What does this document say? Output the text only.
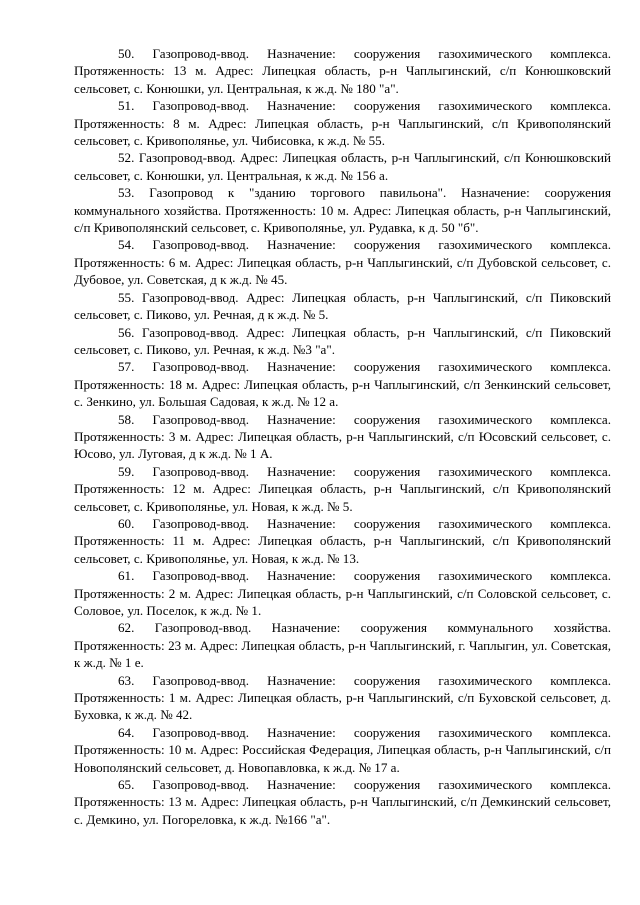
50. Газопровод-ввод. Назначение: сооружения газохимического комплекса. Протяженность: 13 м. Адрес: Липецкая область, р-н Чаплыгинский, с/п Конюшковский сельсовет, с. Конюшки, ул. Центральная, к ж.д. № 180 "а".

51. Газопровод-ввод. Назначение: сооружения газохимического комплекса. Протяженность: 8 м. Адрес: Липецкая область, р-н Чаплыгинский, с/п Кривополянский сельсовет, с. Кривополянье, ул. Чибисовка, к ж.д. № 55.

52. Газопровод-ввод. Адрес: Липецкая область, р-н Чаплыгинский, с/п Конюшковский сельсовет, с. Конюшки, ул. Центральная, к ж.д. № 156 а.

53. Газопровод к "зданию торгового павильона". Назначение: сооружения коммунального хозяйства. Протяженность: 10 м. Адрес: Липецкая область, р-н Чаплыгинский, с/п Кривополянский сельсовет, с. Кривополянье, ул. Рудавка, к д. 50 "б".

54. Газопровод-ввод. Назначение: сооружения газохимического комплекса. Протяженность: 6 м. Адрес: Липецкая область, р-н Чаплыгинский, с/п Дубовской сельсовет, с. Дубовое, ул. Советская, д к ж.д. № 45.

55. Газопровод-ввод. Адрес: Липецкая область, р-н Чаплыгинский, с/п Пиковский сельсовет, с. Пиково, ул. Речная, д к ж.д. № 5.

56. Газопровод-ввод. Адрес: Липецкая область, р-н Чаплыгинский, с/п Пиковский сельсовет, с. Пиково, ул. Речная, к ж.д. №3 "а".

57. Газопровод-ввод. Назначение: сооружения газохимического комплекса. Протяженность: 18 м. Адрес: Липецкая область, р-н Чаплыгинский, с/п Зенкинский сельсовет, с. Зенкино, ул. Большая Садовая, к ж.д. № 12 а.

58. Газопровод-ввод. Назначение: сооружения газохимического комплекса. Протяженность: 3 м. Адрес: Липецкая область, р-н Чаплыгинский, с/п Юсовский сельсовет, с. Юсово, ул. Луговая, д к ж.д. № 1 А.

59. Газопровод-ввод. Назначение: сооружения газохимического комплекса. Протяженность: 12 м. Адрес: Липецкая область, р-н Чаплыгинский, с/п Кривополянский сельсовет, с. Кривополянье, ул. Новая, к ж.д. № 5.

60. Газопровод-ввод. Назначение: сооружения газохимического комплекса. Протяженность: 11 м. Адрес: Липецкая область, р-н Чаплыгинский, с/п Кривополянский сельсовет, с. Кривополянье, ул. Новая, к ж.д. № 13.

61. Газопровод-ввод. Назначение: сооружения газохимического комплекса. Протяженность: 2 м. Адрес: Липецкая область, р-н Чаплыгинский, с/п Соловской сельсовет, с. Соловое, ул. Поселок, к ж.д. № 1.

62. Газопровод-ввод. Назначение: сооружения коммунального хозяйства. Протяженность: 23 м. Адрес: Липецкая область, р-н Чаплыгинский, г. Чаплыгин, ул. Советская, к ж.д. № 1 е.

63. Газопровод-ввод. Назначение: сооружения газохимического комплекса. Протяженность: 1 м. Адрес: Липецкая область, р-н Чаплыгинский, с/п Буховской сельсовет, д. Буховка, к ж.д. № 42.

64. Газопровод-ввод. Назначение: сооружения газохимического комплекса. Протяженность: 10 м. Адрес: Российская Федерация, Липецкая область, р-н Чаплыгинский, с/п Новополянский сельсовет, д. Новопавловка, к ж.д. № 17 а.

65. Газопровод-ввод. Назначение: сооружения газохимического комплекса. Протяженность: 13 м. Адрес: Липецкая область, р-н Чаплыгинский, с/п Демкинский сельсовет, с. Демкино, ул. Погореловка, к ж.д. №166 "а".
